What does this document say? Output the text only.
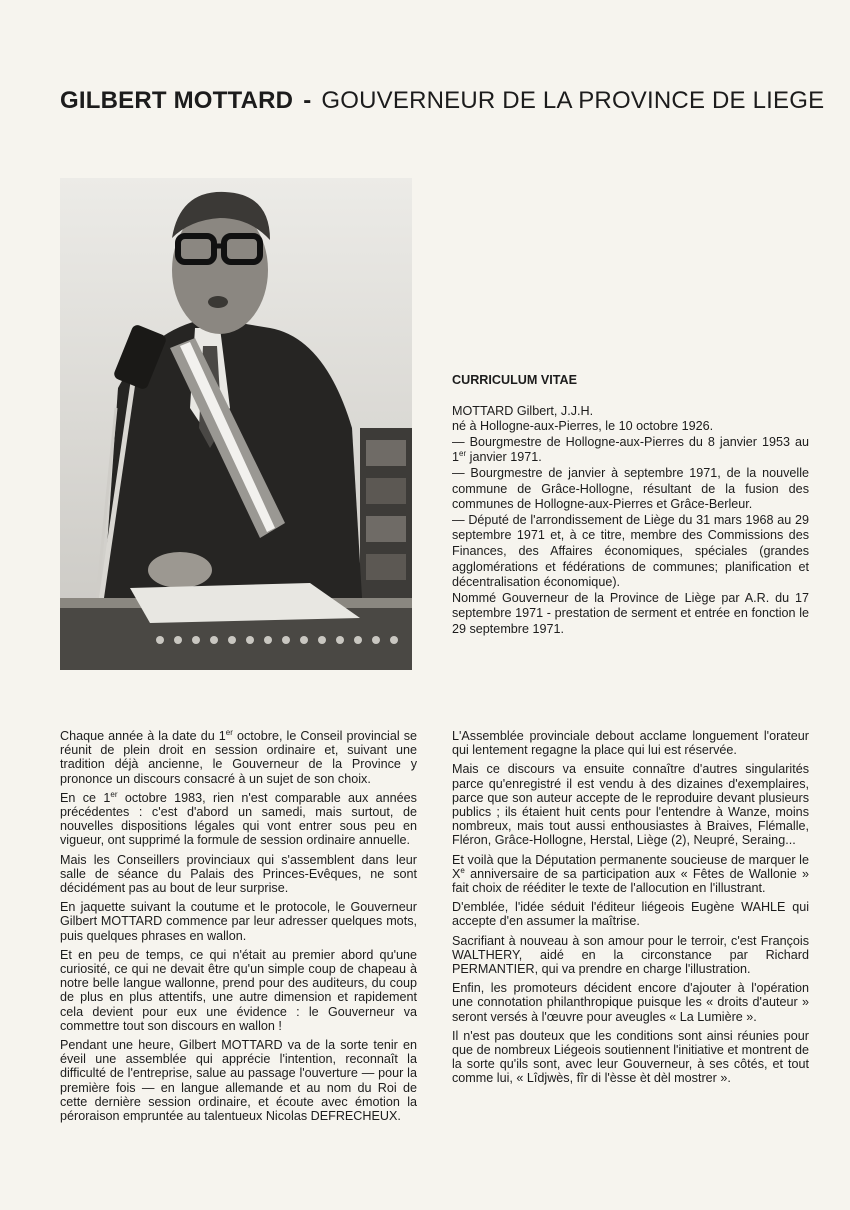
GILBERT MOTTARD - GOUVERNEUR DE LA PROVINCE DE LIEGE
CURRICULUM VITAE

MOTTARD Gilbert, J.J.H.

né à Hollogne-aux-Pierres, le 10 octobre 1926.

— Bourgmestre de Hollogne-aux-Pierres du 8 janvier 1953 au 1er janvier 1971.

— Bourgmestre de janvier à septembre 1971, de la nouvelle commune de Grâce-Hollogne, résultant de la fusion des communes de Hollogne-aux-Pierres et Grâce-Berleur.

— Député de l'arrondissement de Liège du 31 mars 1968 au 29 septembre 1971 et, à ce titre, membre des Commissions des Finances, des Affaires économiques, spéciales (grandes agglomérations et fédérations de communes; planification et décentralisation économique).

Nommé Gouverneur de la Province de Liège par A.R. du 17 septembre 1971 - prestation de serment et entrée en fonction le 29 septembre 1971.

Chaque année à la date du 1er octobre, le Conseil provincial se réunit de plein droit en session ordinaire et, suivant une tradition déjà ancienne, le Gouverneur de la Province y prononce un discours consacré à un sujet de son choix.

En ce 1er octobre 1983, rien n'est comparable aux années précédentes : c'est d'abord un samedi, mais surtout, de nouvelles dispositions légales qui vont entrer sous peu en vigueur, ont supprimé la formule de session ordinaire annuelle.

Mais les Conseillers provinciaux qui s'assemblent dans leur salle de séance du Palais des Princes-Evêques, ne sont décidément pas au bout de leur surprise.

En jaquette suivant la coutume et le protocole, le Gouverneur Gilbert MOTTARD commence par leur adresser quelques mots, puis quelques phrases en wallon.

Et en peu de temps, ce qui n'était au premier abord qu'une curiosité, ce qui ne devait être qu'un simple coup de chapeau à notre belle langue wallonne, prend pour des auditeurs, du coup de plus en plus attentifs, une autre dimension et rapidement cela devient pour eux une évidence : le Gouverneur va commettre tout son discours en wallon !

Pendant une heure, Gilbert MOTTARD va de la sorte tenir en éveil une assemblée qui apprécie l'intention, reconnaît la difficulté de l'entreprise, salue au passage l'ouverture — pour la première fois — en langue allemande et au nom du Roi de cette dernière session ordinaire, et écoute avec émotion la péroraison empruntée au talentueux Nicolas DEFRECHEUX.

L'Assemblée provinciale debout acclame longuement l'orateur qui lentement regagne la place qui lui est réservée.

Mais ce discours va ensuite connaître d'autres singularités parce qu'enregistré il est vendu à des dizaines d'exemplaires, parce que son auteur accepte de le reproduire devant plusieurs publics ; ils étaient huit cents pour l'entendre à Wanze, moins nombreux, mais tout aussi enthousiastes à Braives, Flémalle, Fléron, Grâce-Hollogne, Herstal, Liège (2), Neupré, Seraing...

Et voilà que la Députation permanente soucieuse de marquer le Xe anniversaire de sa participation aux « Fêtes de Wallonie » fait choix de rééditer le texte de l'allocution en l'illustrant.

D'emblée, l'idée séduit l'éditeur liégeois Eugène WAHLE qui accepte d'en assumer la maîtrise.

Sacrifiant à nouveau à son amour pour le terroir, c'est François WALTHERY, aidé en la circonstance par Richard PERMANTIER, qui va prendre en charge l'illustration.

Enfin, les promoteurs décident encore d'ajouter à l'opération une connotation philanthropique puisque les « droits d'auteur » seront versés à l'œuvre pour aveugles « La Lumière ».

Il n'est pas douteux que les conditions sont ainsi réunies pour que de nombreux Liégeois soutiennent l'initiative et montrent de la sorte qu'ils sont, avec leur Gouverneur, à ses côtés, et tout comme lui, « Lîdjwès, fîr di l'èsse èt dèl mostrer ».
